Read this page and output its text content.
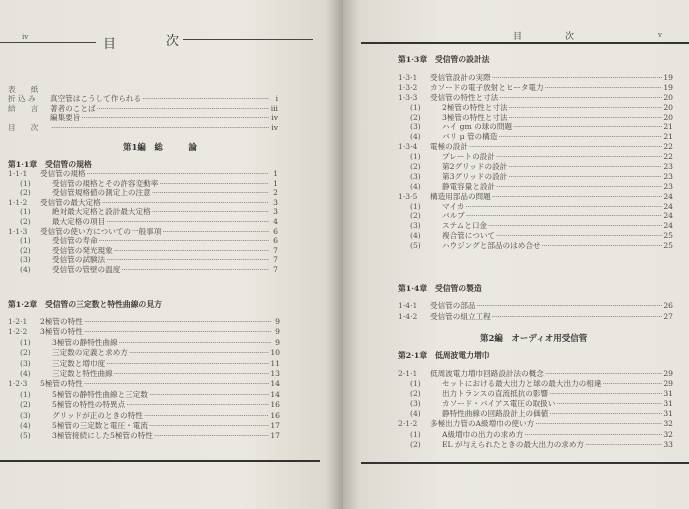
iv	目	次
表　　紙
折 込 み	真空管はこうして作られる ·····	i
結　　言	著者のことば ·····	iii
編集要旨 ·····	iv
目　　次 ·····	iv
第1編　総　　　論
第1·1章　受信管の規格
1·1·1	受信管の規格 ·····	1
(1)	受信管の規格とその許容変動率 ·····	1
(2)	受信管規格値の測定上の注意 ·····	2
1·1·2	受信管の最大定格 ·····	3
(1)	絶対最大定格と設計最大定格 ·····	3
(2)	最大定格の項目 ·····	4
1·1·3	受信管の使い方についての一般事項 ·····	6
(1)	受信管の寿命 ·····	6
(2)	受信管の発光現象 ·····	7
(3)	受信管の試験法 ·····	7
(4)	受信管の管壁の温度 ·····	7
第1·2章　受信管の三定数と特性曲線の見方
1·2·1	2極管の特性 ·····	9
1·2·2	3極管の特性 ·····	9
(1)	3極管の静特性曲線 ·····	9
(2)	三定数の定義と求め方 ·····	10
(3)	三定数と増巾度 ·····	11
(4)	三定数と特性曲線 ·····	13
1·2·3	5極管の特性 ·····	14
(1)	5極管の静特性曲線と三定数 ·····	14
(2)	5極管の特性の特異点 ·····	16
(3)	グリッドが正のときの特性 ·····	16
(4)	5極管の三定数と電圧・電流 ·····	17
(5)	3極管接続にした5極管の特性 ·····	17
目	次	v
第1·3章　受信管の設計法
1·3·1	受信管設計の実際 ·····	19
1·3·2	カソードの電子放射とヒータ電力 ·····	19
1·3·3	受信管の特性と寸法 ·····	20
(1)	2極管の特性と寸法 ·····	20
(2)	3極管の特性と寸法 ·····	20
(3)	ハイ gm の球の問題 ·····	21
(4)	バリ μ 管の構造 ·····	21
1·3·4	電極の設計 ·····	22
(1)	プレートの設計 ·····	22
(2)	第2グリッドの設計 ·····	23
(3)	第3グリッドの設計 ·····	23
(4)	静電容量と設計 ·····	23
1·3·5	構造用部品の問題 ·····	24
(1)	マイカ ·····	24
(2)	バルブ ·····	24
(3)	ステムと口金 ·····	24
(4)	複合管について ·····	25
(5)	ハウジングと部品のはめ合せ ·····	25
第1·4章　受信管の製造
1·4·1	受信管の部品 ·····	26
1·4·2	受信管の組立工程 ·····	27
第2編　オーディオ用受信管
第2·1章　低周波電力増巾
2·1·1	低周波電力増巾回路設計法の概念 ·····	29
(1)	セットにおける最大出力と球の最大出力の相違 ·····	29
(2)	出力トランスの直流抵抗の影響 ·····	31
(3)	カソード・バイアス電圧の取扱い ·····	31
(4)	静特性曲線の回路設計上の価値 ·····	31
2·1·2	多極出力管のA級増巾の使い方 ·····	32
(1)	A級増巾の出力の求め方 ·····	32
(2)	EL が与えられたときの最大出力の求め方 ·····	33
